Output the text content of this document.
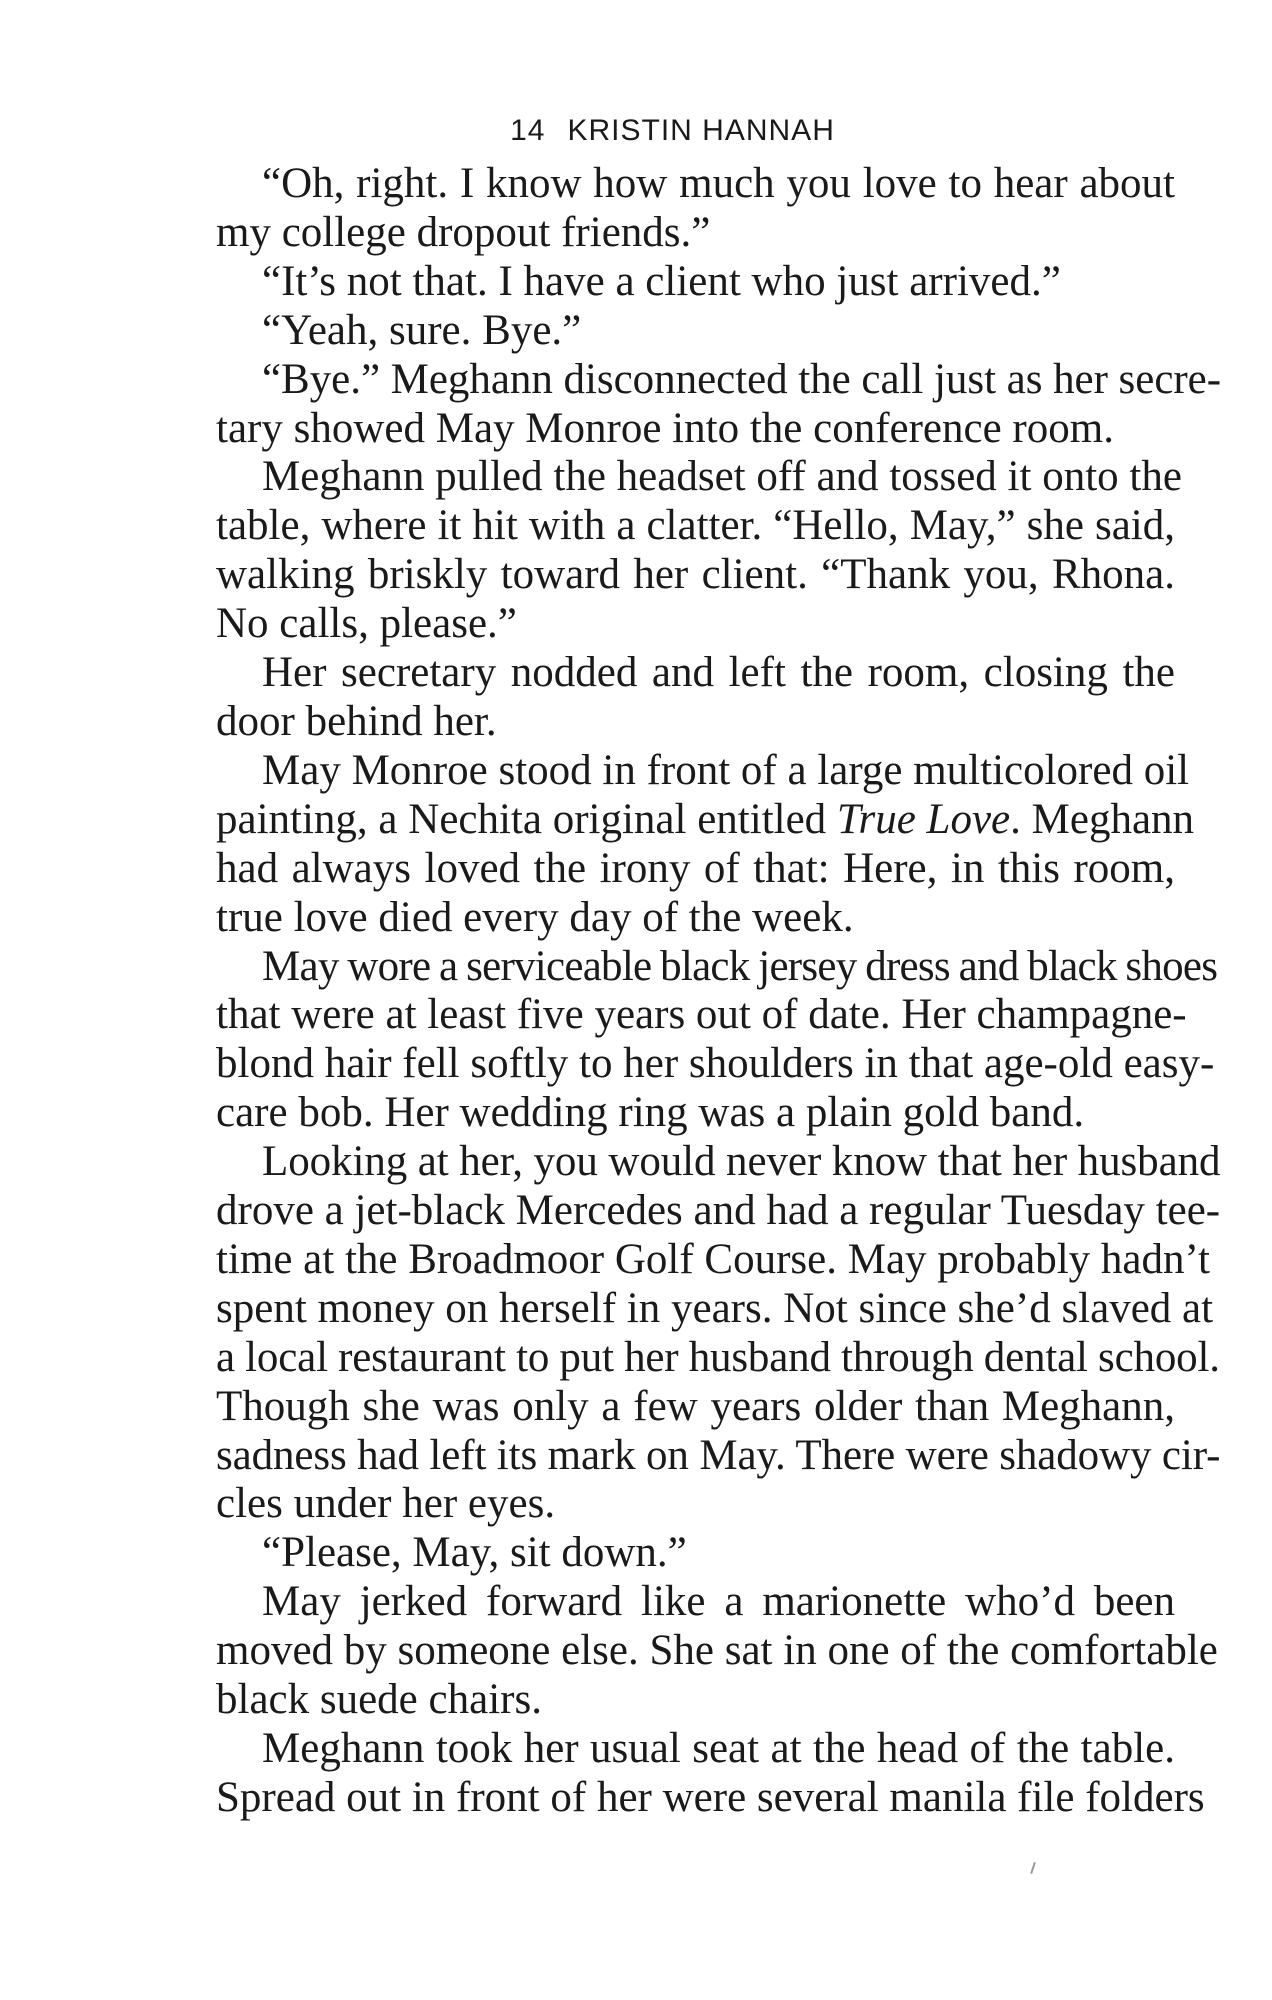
14 KRISTIN HANNAH
“Oh, right. I know how much you love to hear about
my college dropout friends.”
“It’s not that. I have a client who just arrived.”
“Yeah, sure. Bye.”
“Bye.” Meghann disconnected the call just as her secre-
tary showed May Monroe into the conference room.
Meghann pulled the headset off and tossed it onto the
table, where it hit with a clatter. “Hello, May,” she said,
walking briskly toward her client. “Thank you, Rhona.
No calls, please.”
Her secretary nodded and left the room, closing the
door behind her.
May Monroe stood in front of a large multicolored oil
painting, a Nechita original entitled True Love. Meghann
had always loved the irony of that: Here, in this room,
true love died every day of the week.
May wore a serviceable black jersey dress and black shoes
that were at least five years out of date. Her champagne-
blond hair fell softly to her shoulders in that age-old easy-
care bob. Her wedding ring was a plain gold band.
Looking at her, you would never know that her husband
drove a jet-black Mercedes and had a regular Tuesday tee-
time at the Broadmoor Golf Course. May probably hadn’t
spent money on herself in years. Not since she’d slaved at
a local restaurant to put her husband through dental school.
Though she was only a few years older than Meghann,
sadness had left its mark on May. There were shadowy cir-
cles under her eyes.
“Please, May, sit down.”
May jerked forward like a marionette who’d been
moved by someone else. She sat in one of the comfortable
black suede chairs.
Meghann took her usual seat at the head of the table.
Spread out in front of her were several manila file folders
